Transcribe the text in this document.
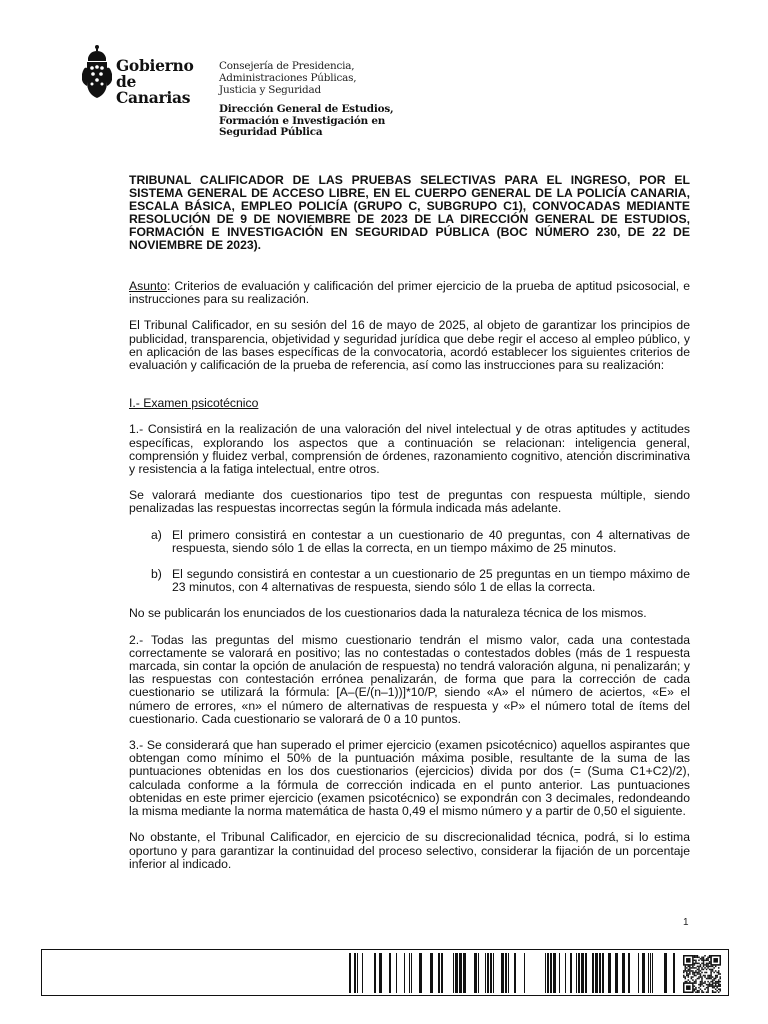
Gobierno
de Canarias
Consejería de Presidencia,
Administraciones Públicas,
Justicia y Seguridad
Dirección General de Estudios,
Formación e Investigación en
Seguridad Pública

TRIBUNAL CALIFICADOR DE LAS PRUEBAS SELECTIVAS PARA EL INGRESO, POR EL SISTEMA GENERAL DE ACCESO LIBRE, EN EL CUERPO GENERAL DE LA POLICÍA CANARIA, ESCALA BÁSICA, EMPLEO POLICÍA (GRUPO C, SUBGRUPO C1), CONVOCADAS MEDIANTE RESOLUCIÓN DE 9 DE NOVIEMBRE DE 2023 DE LA DIRECCIÓN GENERAL DE ESTUDIOS, FORMACIÓN E INVESTIGACIÓN EN SEGURIDAD PÚBLICA (BOC NÚMERO 230, DE 22 DE NOVIEMBRE DE 2023).

Asunto: Criterios de evaluación y calificación del primer ejercicio de la prueba de aptitud psicosocial, e instrucciones para su realización.

El Tribunal Calificador, en su sesión del 16 de mayo de 2025, al objeto de garantizar los principios de publicidad, transparencia, objetividad y seguridad jurídica que debe regir el acceso al empleo público, y en aplicación de las bases específicas de la convocatoria, acordó establecer los siguientes criterios de evaluación y calificación de la prueba de referencia, así como las instrucciones para su realización:

I.- Examen psicotécnico

1.- Consistirá en la realización de una valoración del nivel intelectual y de otras aptitudes y actitudes específicas, explorando los aspectos que a continuación se relacionan: inteligencia general, comprensión y fluidez verbal, comprensión de órdenes, razonamiento cognitivo, atención discriminativa y resistencia a la fatiga intelectual, entre otros.

Se valorará mediante dos cuestionarios tipo test de preguntas con respuesta múltiple, siendo penalizadas las respuestas incorrectas según la fórmula indicada más adelante.

a) El primero consistirá en contestar a un cuestionario de 40 preguntas, con 4 alternativas de respuesta, siendo sólo 1 de ellas la correcta, en un tiempo máximo de 25 minutos.
b) El segundo consistirá en contestar a un cuestionario de 25 preguntas en un tiempo máximo de 23 minutos, con 4 alternativas de respuesta, siendo sólo 1 de ellas la correcta.

No se publicarán los enunciados de los cuestionarios dada la naturaleza técnica de los mismos.

2.- Todas las preguntas del mismo cuestionario tendrán el mismo valor, cada una contestada correctamente se valorará en positivo; las no contestadas o contestados dobles (más de 1 respuesta marcada, sin contar la opción de anulación de respuesta) no tendrá valoración alguna, ni penalizarán; y las respuestas con contestación errónea penalizarán, de forma que para la corrección de cada cuestionario se utilizará la fórmula: [A–(E/(n–1))]*10/P, siendo «A» el número de aciertos, «E» el número de errores, «n» el número de alternativas de respuesta y «P» el número total de ítems del cuestionario. Cada cuestionario se valorará de 0 a 10 puntos.

3.- Se considerará que han superado el primer ejercicio (examen psicotécnico) aquellos aspirantes que obtengan como mínimo el 50% de la puntuación máxima posible, resultante de la suma de las puntuaciones obtenidas en los dos cuestionarios (ejercicios) divida por dos (= (Suma C1+C2)/2), calculada conforme a la fórmula de corrección indicada en el punto anterior. Las puntuaciones obtenidas en este primer ejercicio (examen psicotécnico) se expondrán con 3 decimales, redondeando la misma mediante la norma matemática de hasta 0,49 el mismo número y a partir de 0,50 el siguiente.

No obstante, el Tribunal Calificador, en ejercicio de su discrecionalidad técnica, podrá, si lo estima oportuno y para garantizar la continuidad del proceso selectivo, considerar la fijación de un porcentaje inferior al indicado.

1
